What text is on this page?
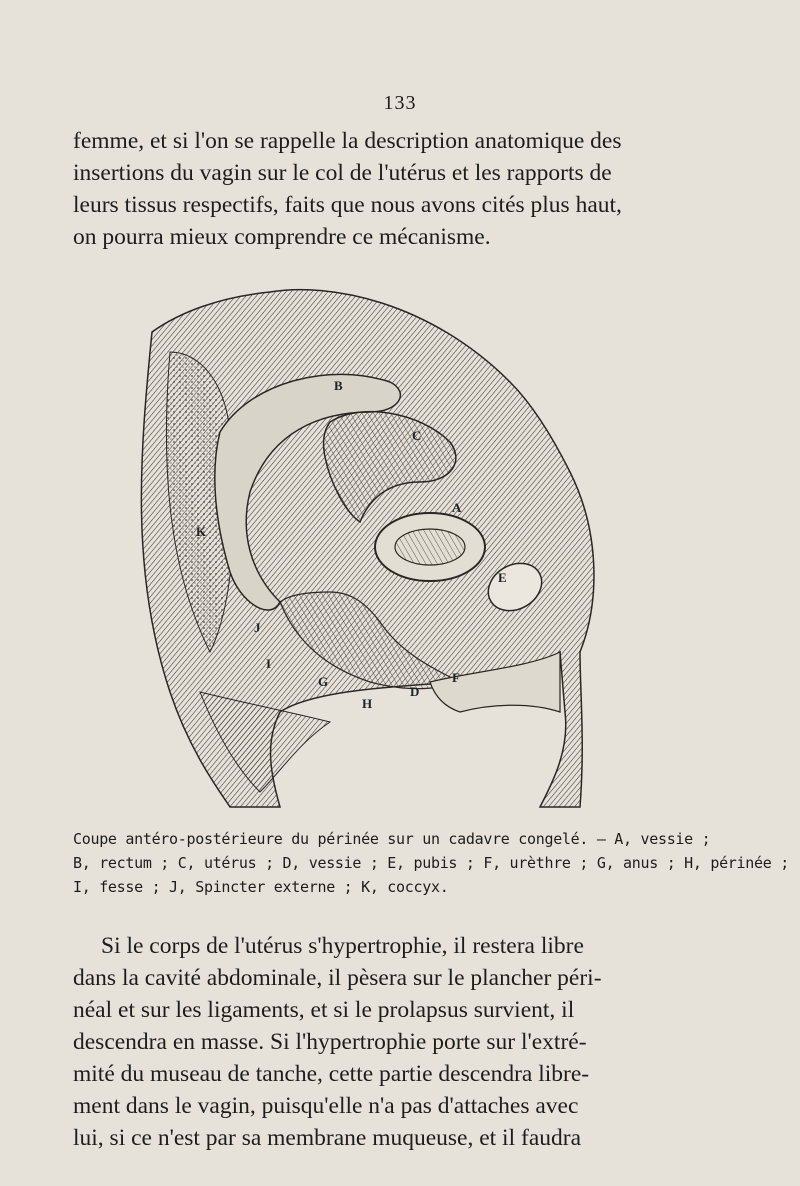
133
femme, et si l'on se rappelle la description anatomique des
insertions du vagin sur le col de l'utérus et les rapports de
leurs tissus respectifs, faits que nous avons cités plus haut,
on pourra mieux comprendre ce mécanisme.
B
C
A
E
K
J
I
G
H
D
F
Coupe antéro-postérieure du périnée sur un cadavre congelé. — A, vessie ;
B, rectum ; C, utérus ; D, vessie ; E, pubis ; F, urèthre ; G, anus ; H, périnée ;
I, fesse ; J, Spincter externe ; K, coccyx.
Si le corps de l'utérus s'hypertrophie, il restera libre
dans la cavité abdominale, il pèsera sur le plancher péri-
néal et sur les ligaments, et si le prolapsus survient, il
descendra en masse. Si l'hypertrophie porte sur l'extré-
mité du museau de tanche, cette partie descendra libre-
ment dans le vagin, puisqu'elle n'a pas d'attaches avec
lui, si ce n'est par sa membrane muqueuse, et il faudra
